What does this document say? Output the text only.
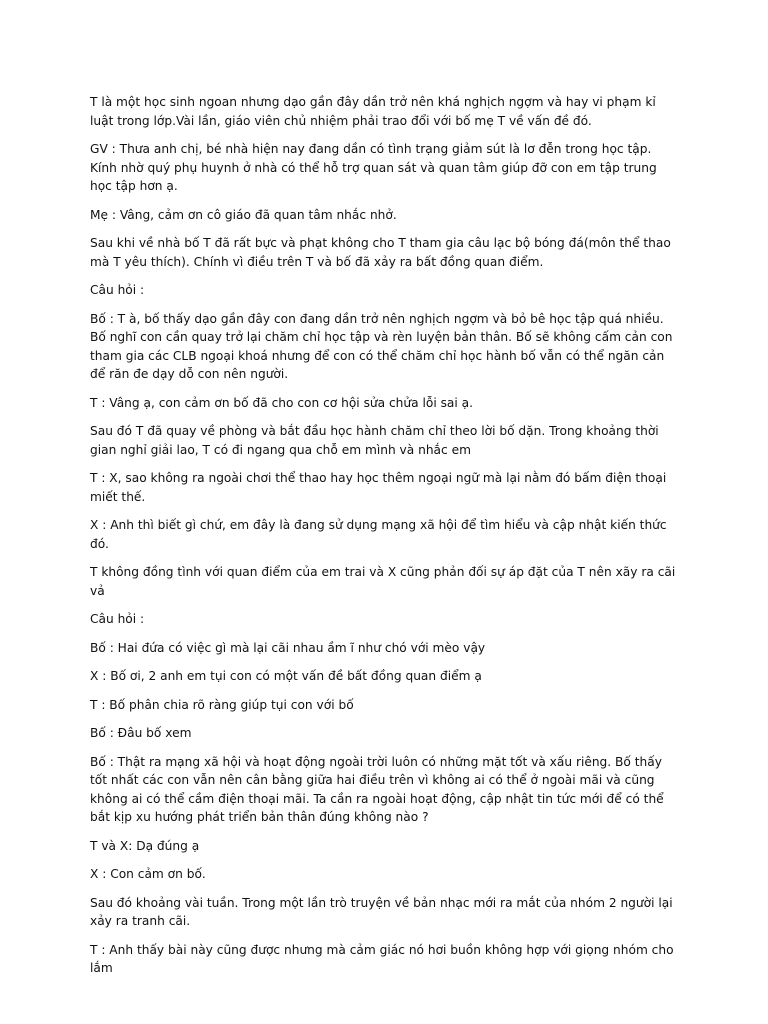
T là một học sinh ngoan nhưng dạo gần đây dần trở nên khá nghịch ngợm và hay vi phạm kỉ luật trong lớp.Vài lần, giáo viên chủ nhiệm phải trao đổi với bố mẹ T về vấn đề đó.

GV : Thưa anh chị, bé nhà hiện nay đang dần có tình trạng giảm sút là lơ đễn trong học tập. Kính nhờ quý phụ huynh ở nhà có thể hỗ trợ quan sát và quan tâm giúp đỡ con em tập trung học tập hơn ạ.

Mẹ : Vâng, cảm ơn cô giáo đã quan tâm nhắc nhở.

Sau khi về nhà bố T đã rất bực và phạt không cho T tham gia câu lạc bộ bóng đá(môn thể thao mà T yêu thích). Chính vì điều trên T và bố đã xảy ra bất đồng quan điểm.

Câu hỏi :

Bố : T à, bố thấy dạo gần đây con đang dần trở nên nghịch ngợm và bỏ bê học tập quá nhiều. Bố nghĩ con cần quay trở lại chăm chỉ học tập và rèn luyện bản thân. Bố sẽ không cấm cản con tham gia các CLB ngoại khoá nhưng để con có thể chăm chỉ học hành bố vẫn có thể ngăn cản để răn đe dạy dỗ con nên người.

T : Vâng ạ, con cảm ơn bố đã cho con cơ hội sửa chửa lỗi sai ạ.

Sau đó T đã quay về phòng và bắt đầu học hành chăm chỉ theo lời bố dặn. Trong khoảng thời gian nghỉ giải lao, T có đi ngang qua chỗ em mình và nhắc em

T : X, sao không ra ngoài chơi thể thao hay học thêm ngoại ngữ mà lại nằm đó bấm điện thoại miết thế.

X : Anh thì biết gì chứ, em đây là đang sử dụng mạng xã hội để tìm hiểu và cập nhật kiến thức đó.

T không đồng tình với quan điểm của em trai và X cũng phản đối sự áp đặt của T nên xãy ra cãi vả

Câu hỏi :

Bố : Hai đứa có việc gì mà lại cãi nhau ầm ĩ như chó với mèo vậy

X : Bố ơi, 2 anh em tụi con có một vấn đề bất đồng quan điểm ạ

T : Bố phân chia rõ ràng giúp tụi con với bố

Bố : Đâu bố xem

Bố : Thật ra mạng xã hội và hoạt động ngoài trời luôn có những mặt tốt và xấu riêng. Bố thấy tốt nhất các con vẫn nên cân bằng giữa hai điều trên vì không ai có thể ở ngoài mãi và cũng không ai có thể cầm điện thoại mãi. Ta cần ra ngoài hoạt động, cập nhật tin tức mới để có thể bắt kịp xu hướng phát triển bản thân đúng không nào ?

T và X: Dạ đúng ạ

X : Con cảm ơn bố.

Sau đó khoảng vài tuần. Trong một lần trò truyện về bản nhạc mới ra mắt của nhóm 2 người lại xảy ra tranh cãi.

T : Anh thấy bài này cũng được nhưng mà cảm giác nó hơi buồn không hợp với giọng nhóm cho lắm
